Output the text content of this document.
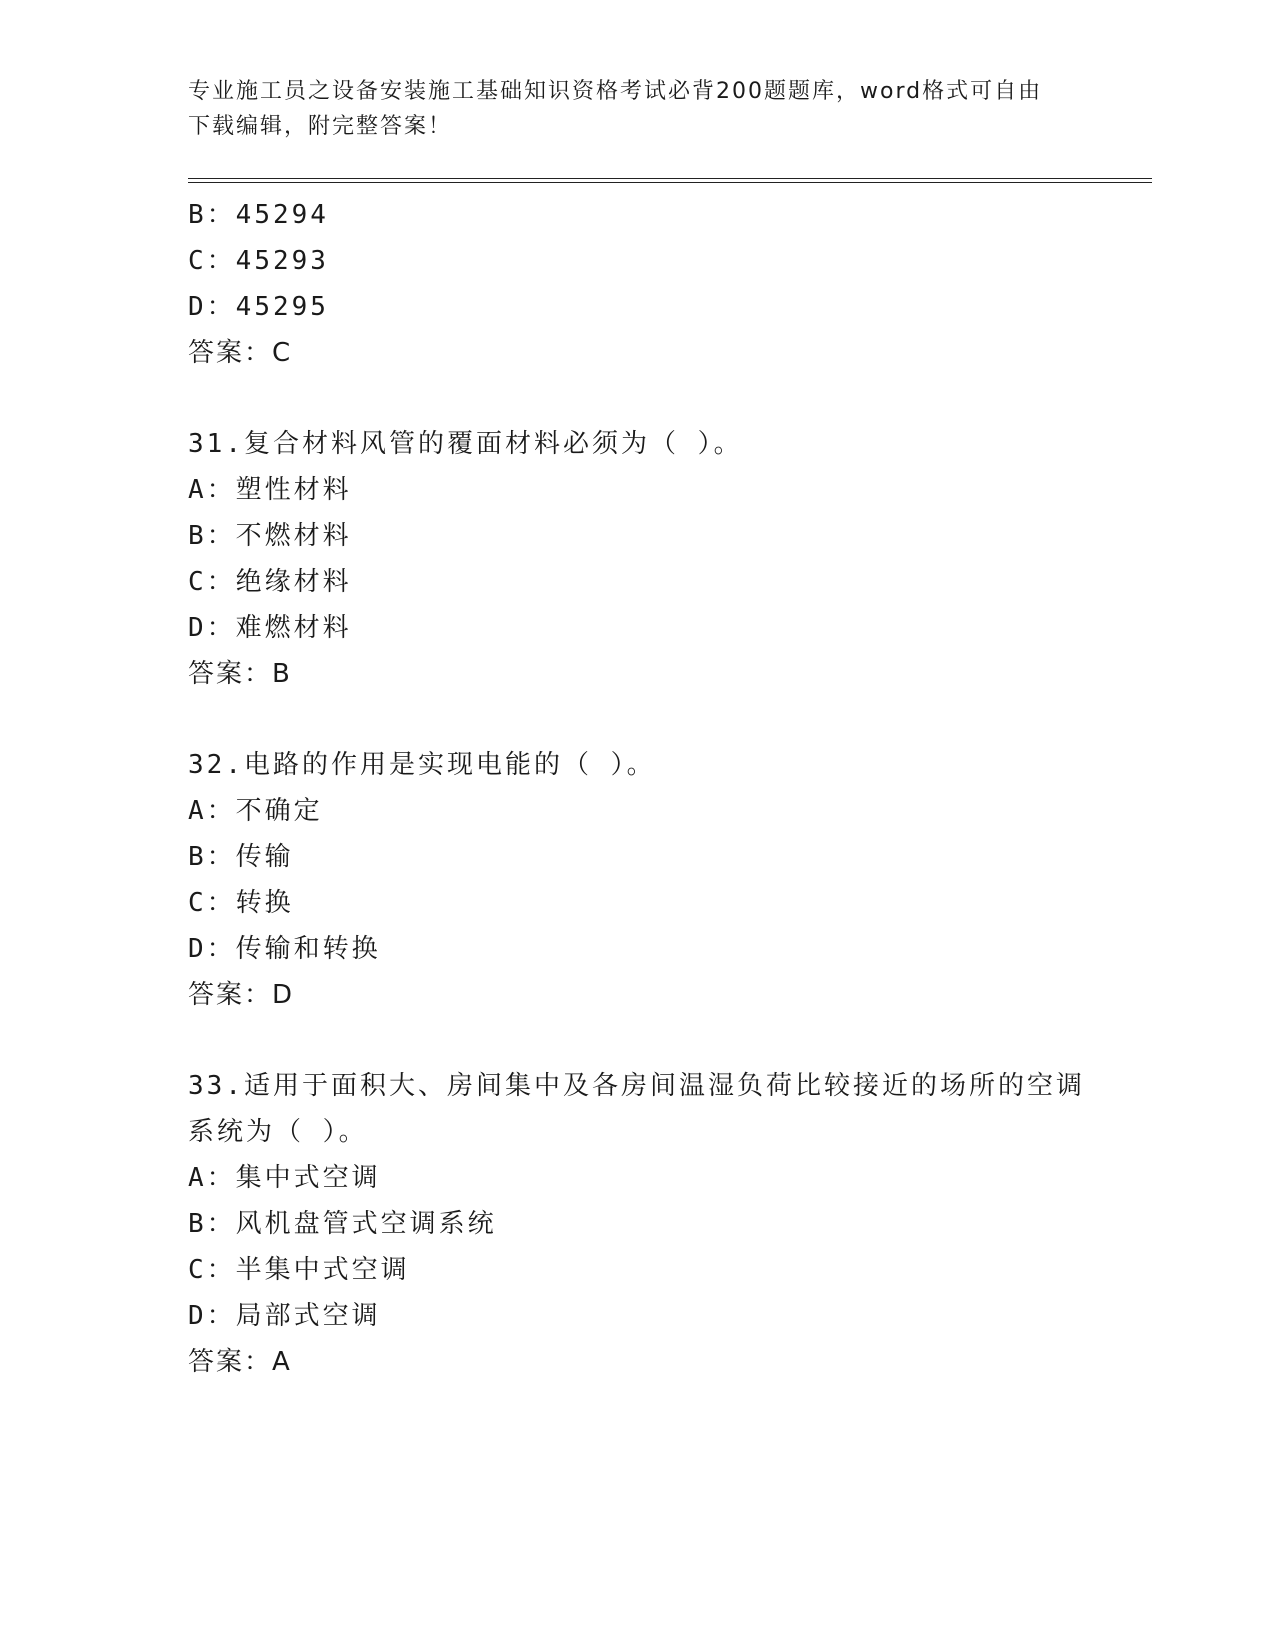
专业施工员之设备安装施工基础知识资格考试必背200题题库，word格式可自由
下载编辑，附完整答案！
B：45294
C：45293
D：45295
答案：C
31.复合材料风管的覆面材料必须为（ ）。
A：塑性材料
B：不燃材料
C：绝缘材料
D：难燃材料
答案：B
32.电路的作用是实现电能的（ ）。
A：不确定
B：传输
C：转换
D：传输和转换
答案：D
33.适用于面积大、房间集中及各房间温湿负荷比较接近的场所的空调
系统为（ ）。
A：集中式空调
B：风机盘管式空调系统
C：半集中式空调
D：局部式空调
答案：A
